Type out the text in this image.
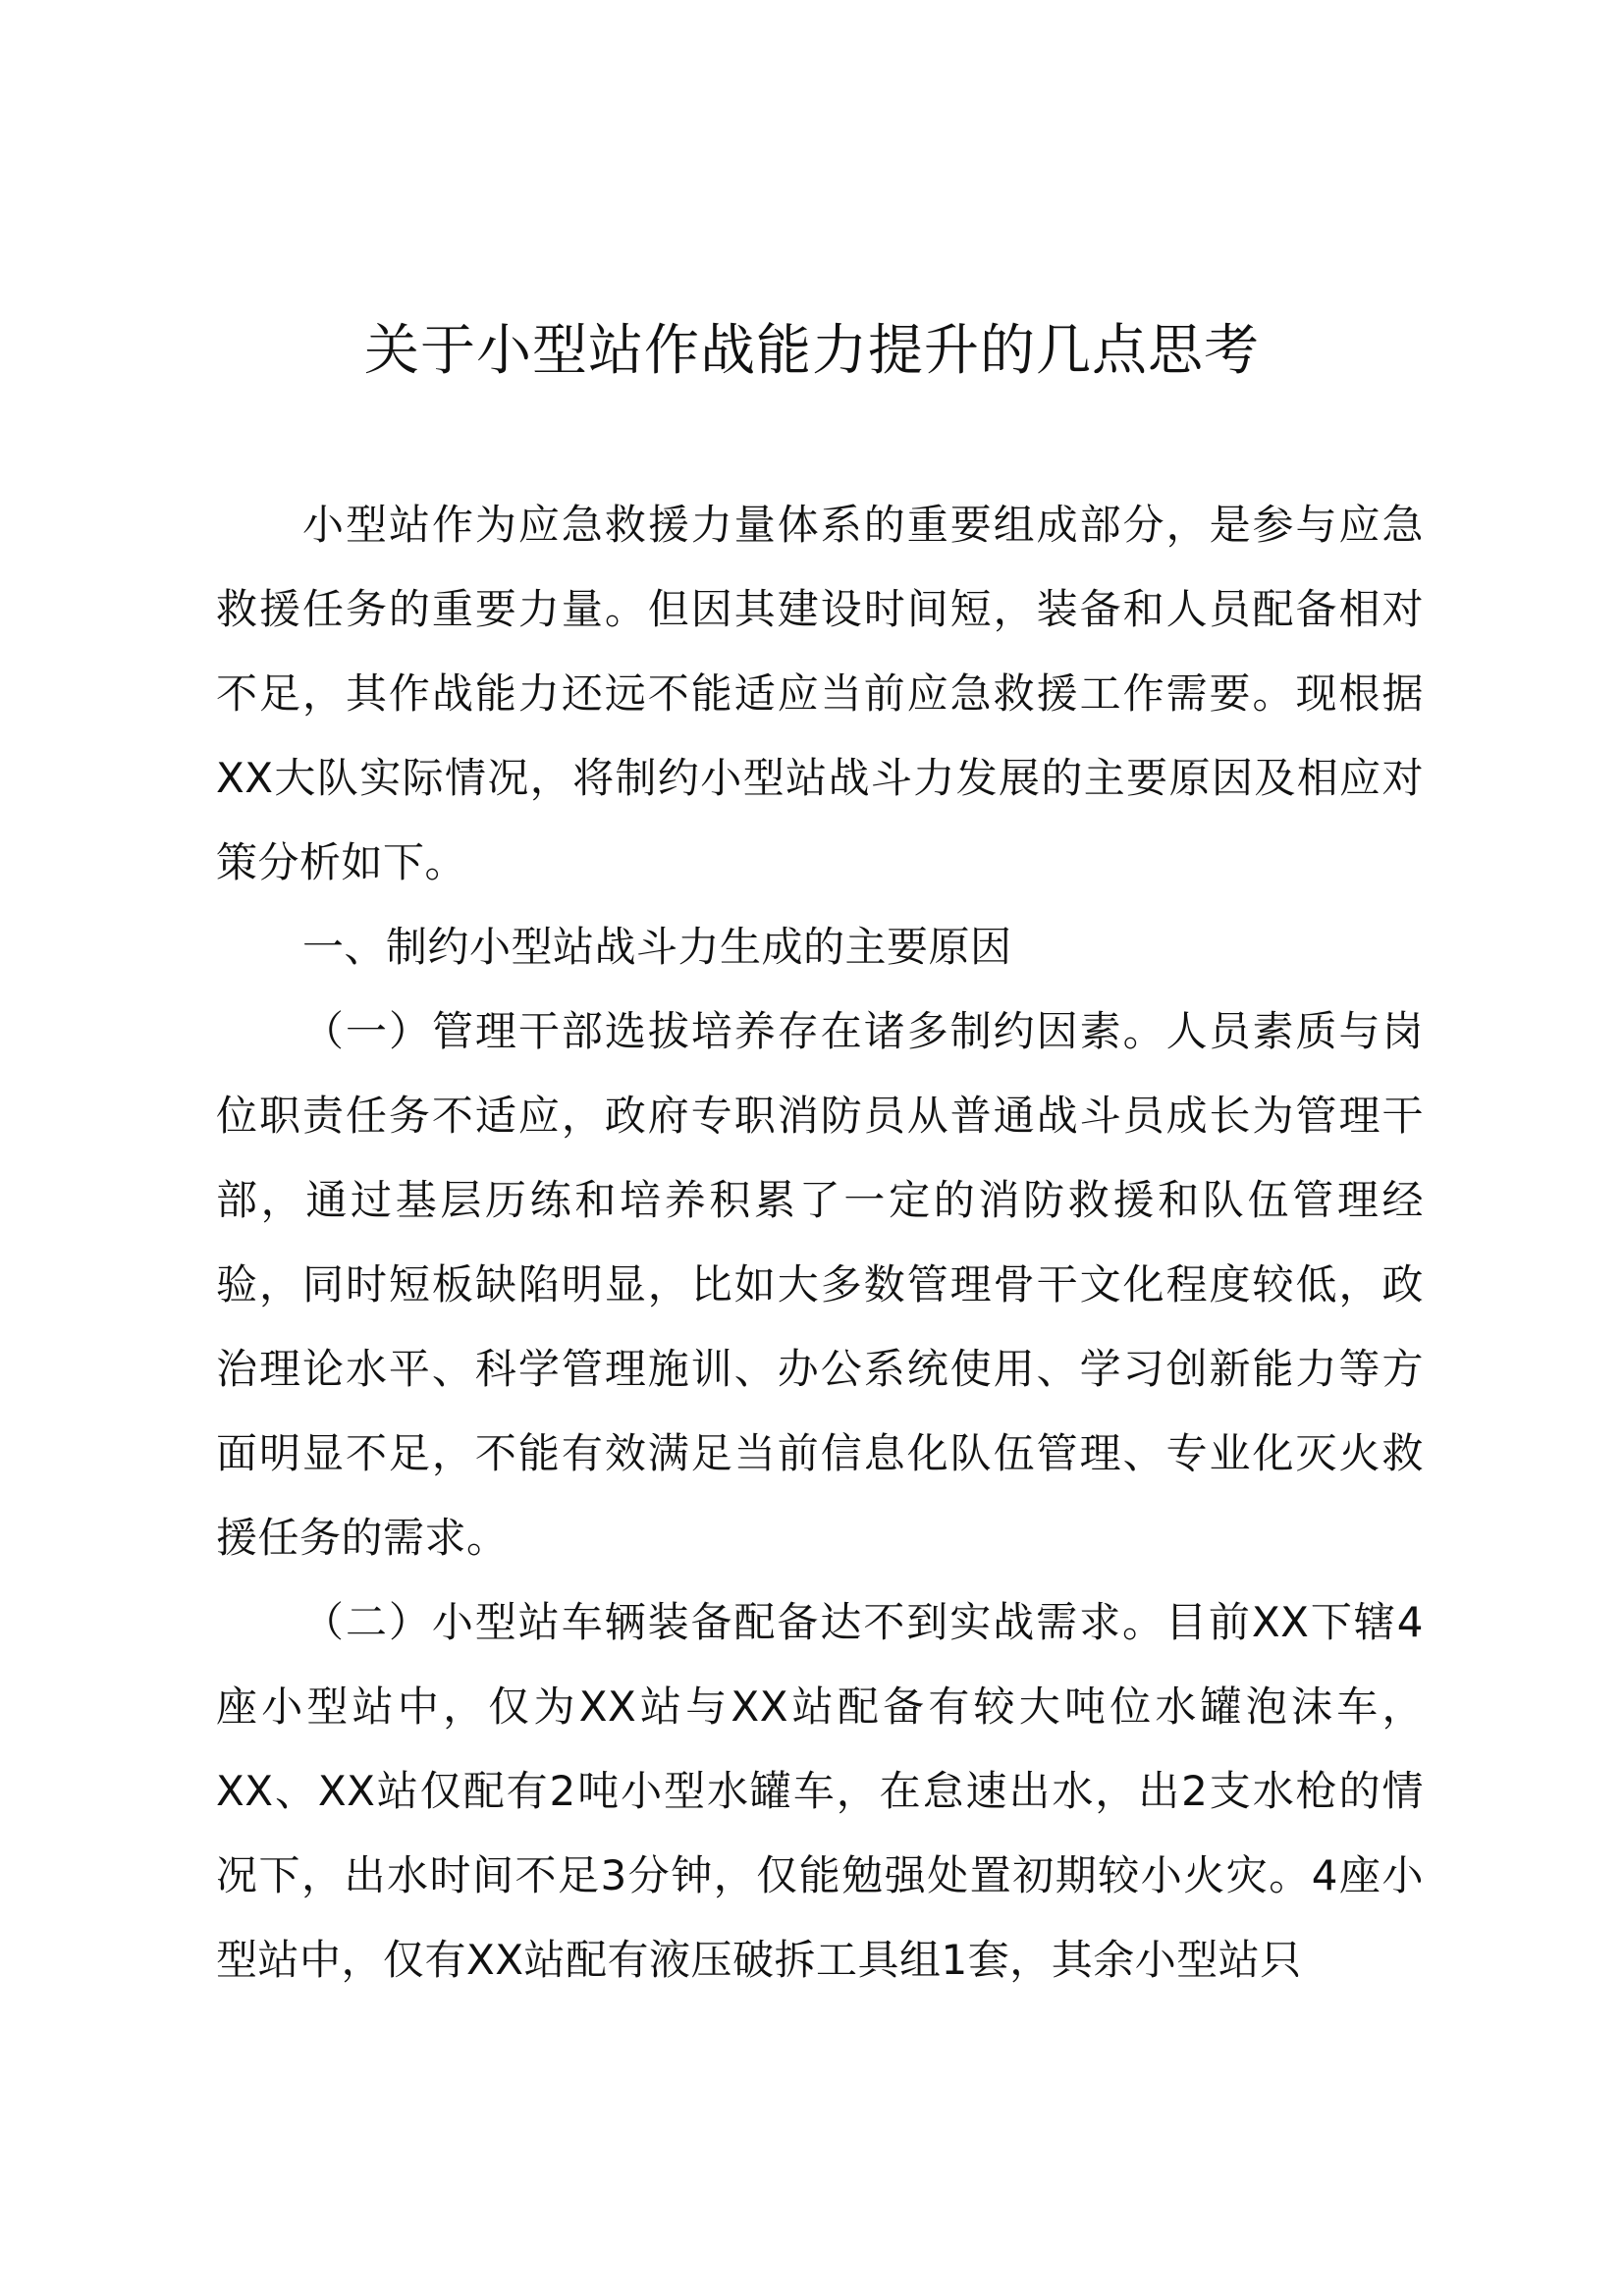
关于小型站作战能力提升的几点思考

小型站作为应急救援力量体系的重要组成部分，是参与应急救援任务的重要力量。但因其建设时间短，装备和人员配备相对不足，其作战能力还远不能适应当前应急救援工作需要。现根据XX大队实际情况，将制约小型站战斗力发展的主要原因及相应对策分析如下。

一、制约小型站战斗力生成的主要原因

（一）管理干部选拔培养存在诸多制约因素。人员素质与岗位职责任务不适应，政府专职消防员从普通战斗员成长为管理干部，通过基层历练和培养积累了一定的消防救援和队伍管理经验，同时短板缺陷明显，比如大多数管理骨干文化程度较低，政治理论水平、科学管理施训、办公系统使用、学习创新能力等方面明显不足，不能有效满足当前信息化队伍管理、专业化灭火救援任务的需求。

（二）小型站车辆装备配备达不到实战需求。目前XX下辖4座小型站中，仅为XX站与XX站配备有较大吨位水罐泡沫车，XX、XX站仅配有2吨小型水罐车，在怠速出水，出2支水枪的情况下，出水时间不足3分钟，仅能勉强处置初期较小火灾。4座小型站中，仅有XX站配有液压破拆工具组1套，其余小型站只
